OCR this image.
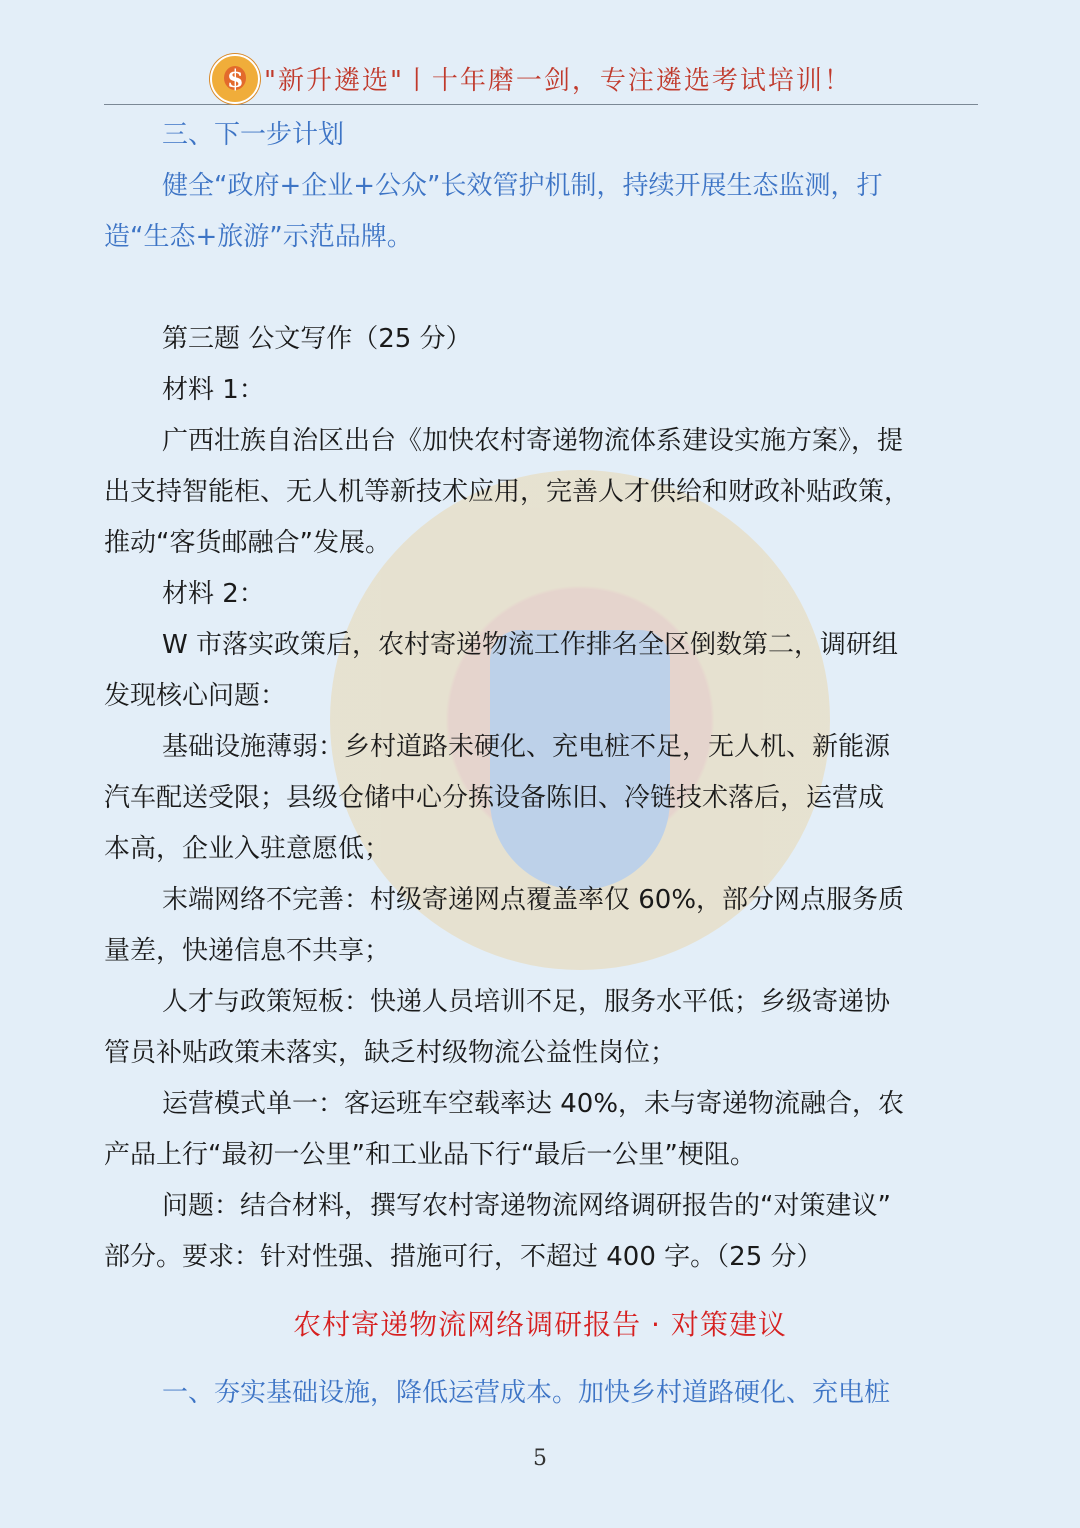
$
"新升遴选"丨十年磨一剑，专注遴选考试培训！
三、下一步计划
健全“政府+企业+公众”长效管护机制，持续开展生态监测，打
造“生态+旅游”示范品牌。
第三题 公文写作（25 分）
材料 1：
广西壮族自治区出台《加快农村寄递物流体系建设实施方案》，提
出支持智能柜、无人机等新技术应用，完善人才供给和财政补贴政策，
推动“客货邮融合”发展。
材料 2：
W 市落实政策后，农村寄递物流工作排名全区倒数第二，调研组
发现核心问题：
基础设施薄弱：乡村道路未硬化、充电桩不足，无人机、新能源
汽车配送受限；县级仓储中心分拣设备陈旧、冷链技术落后，运营成
本高，企业入驻意愿低；
末端网络不完善：村级寄递网点覆盖率仅 60%，部分网点服务质
量差，快递信息不共享；
人才与政策短板：快递人员培训不足，服务水平低；乡级寄递协
管员补贴政策未落实，缺乏村级物流公益性岗位；
运营模式单一：客运班车空载率达 40%，未与寄递物流融合，农
产品上行“最初一公里”和工业品下行“最后一公里”梗阻。
问题：结合材料，撰写农村寄递物流网络调研报告的“对策建议”
部分。要求：针对性强、措施可行，不超过 400 字。（25 分）
农村寄递物流网络调研报告 · 对策建议
一、夯实基础设施，降低运营成本。加快乡村道路硬化、充电桩
5
